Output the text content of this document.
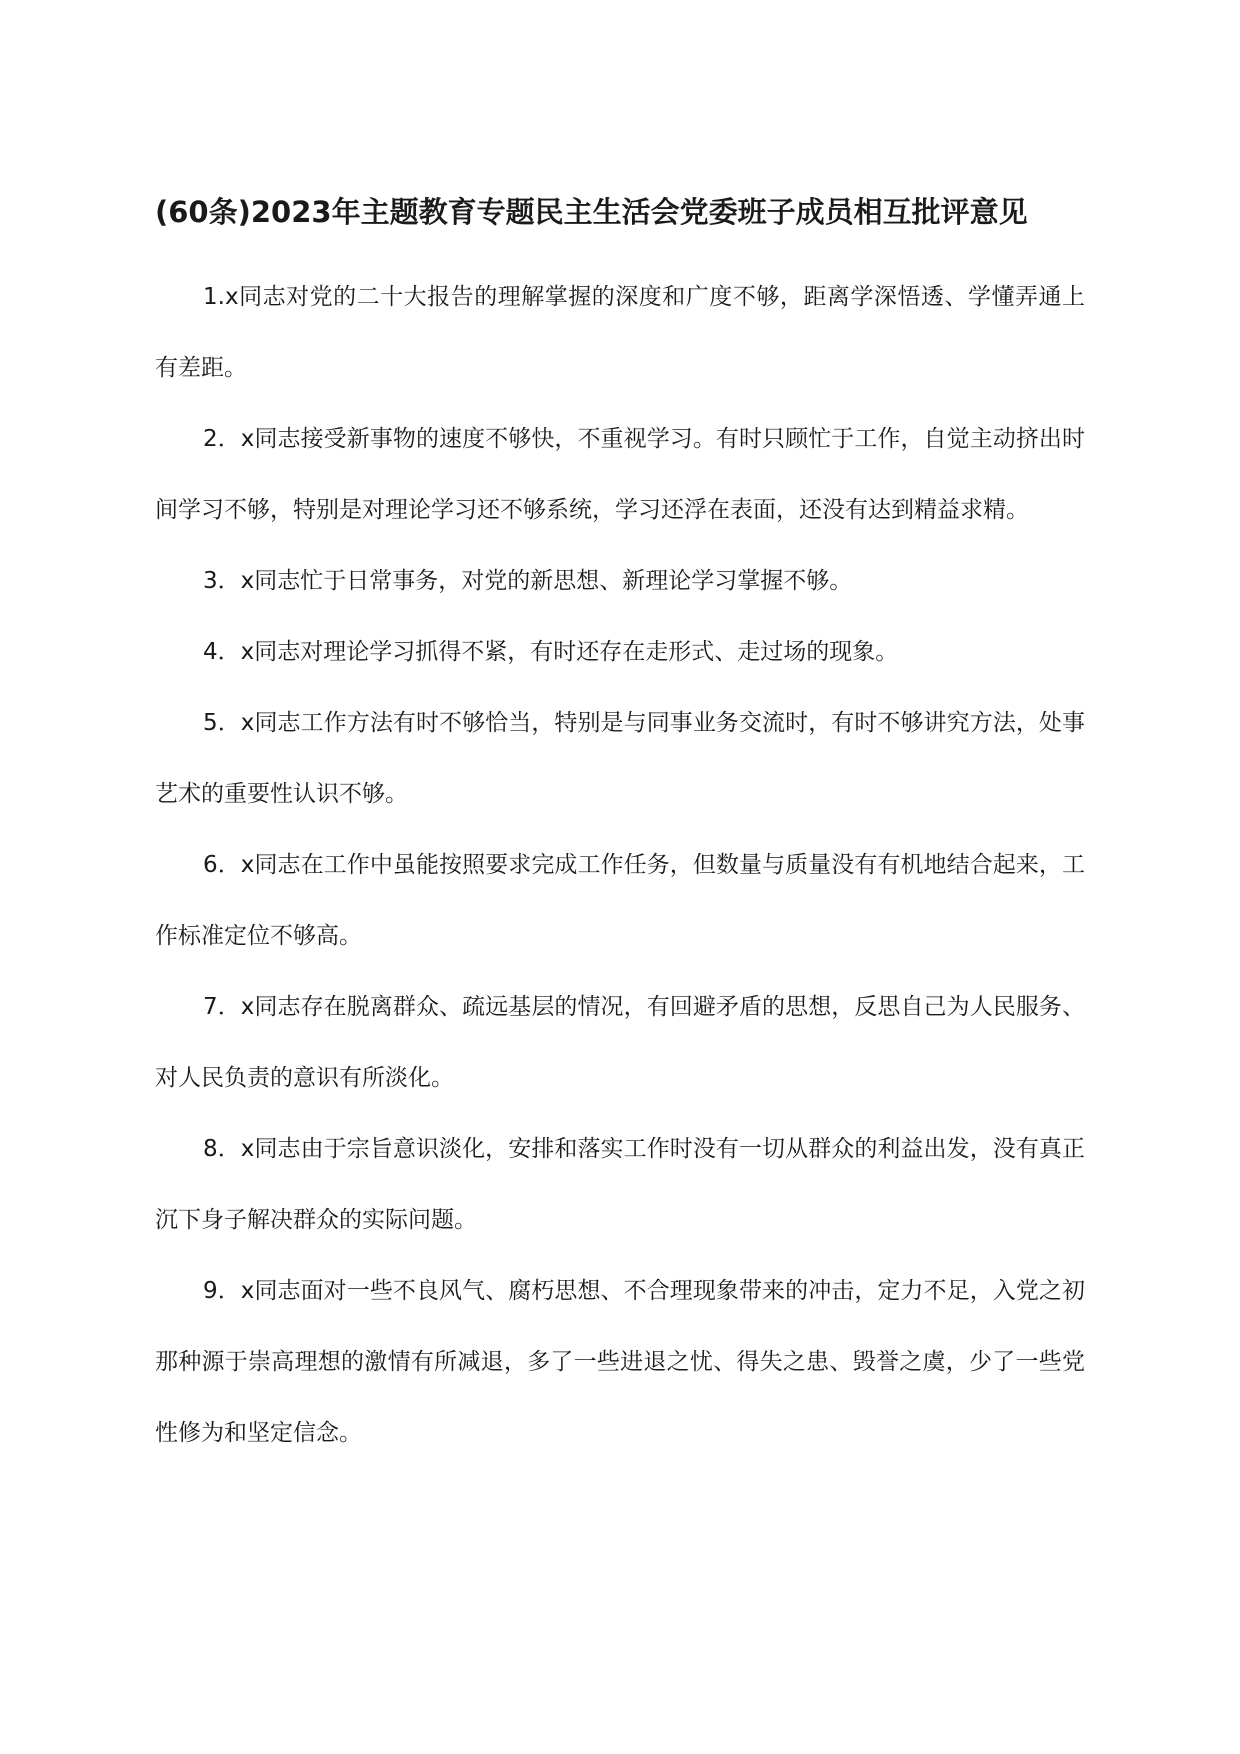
(60条)2023年主题教育专题民主生活会党委班子成员相互批评意见

1.x同志对党的二十大报告的理解掌握的深度和广度不够，距离学深悟透、学懂弄通上有差距。

2．x同志接受新事物的速度不够快，不重视学习。有时只顾忙于工作，自觉主动挤出时间学习不够，特别是对理论学习还不够系统，学习还浮在表面，还没有达到精益求精。

3．x同志忙于日常事务，对党的新思想、新理论学习掌握不够。

4．x同志对理论学习抓得不紧，有时还存在走形式、走过场的现象。

5．x同志工作方法有时不够恰当，特别是与同事业务交流时，有时不够讲究方法，处事艺术的重要性认识不够。

6．x同志在工作中虽能按照要求完成工作任务，但数量与质量没有有机地结合起来，工作标准定位不够高。

7．x同志存在脱离群众、疏远基层的情况，有回避矛盾的思想，反思自己为人民服务、对人民负责的意识有所淡化。

8．x同志由于宗旨意识淡化，安排和落实工作时没有一切从群众的利益出发，没有真正沉下身子解决群众的实际问题。

9．x同志面对一些不良风气、腐朽思想、不合理现象带来的冲击，定力不足，入党之初那种源于崇高理想的激情有所减退，多了一些进退之忧、得失之患、毁誉之虞，少了一些党性修为和坚定信念。
